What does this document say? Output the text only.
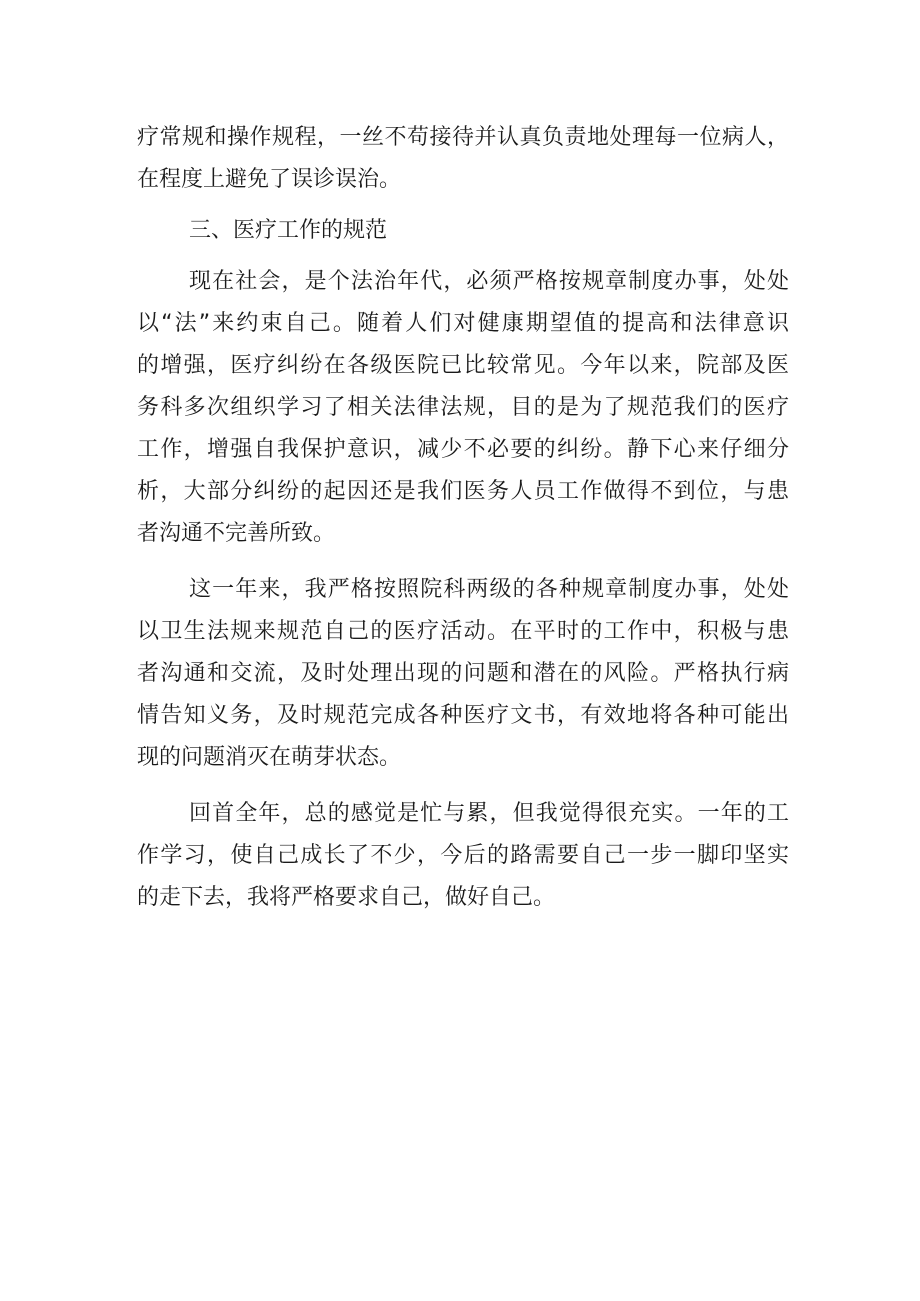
疗常规和操作规程，一丝不苟接待并认真负责地处理每一位病人，
在程度上避免了误诊误治。
三、医疗工作的规范
现在社会，是个法治年代，必须严格按规章制度办事，处处
以“法”来约束自己。随着人们对健康期望值的提高和法律意识
的增强，医疗纠纷在各级医院已比较常见。今年以来，院部及医
务科多次组织学习了相关法律法规，目的是为了规范我们的医疗
工作，增强自我保护意识，减少不必要的纠纷。静下心来仔细分
析，大部分纠纷的起因还是我们医务人员工作做得不到位，与患
者沟通不完善所致。
这一年来，我严格按照院科两级的各种规章制度办事，处处
以卫生法规来规范自己的医疗活动。在平时的工作中，积极与患
者沟通和交流，及时处理出现的问题和潜在的风险。严格执行病
情告知义务，及时规范完成各种医疗文书，有效地将各种可能出
现的问题消灭在萌芽状态。
回首全年，总的感觉是忙与累，但我觉得很充实。一年的工
作学习，使自己成长了不少，今后的路需要自己一步一脚印坚实
的走下去，我将严格要求自己，做好自己。
